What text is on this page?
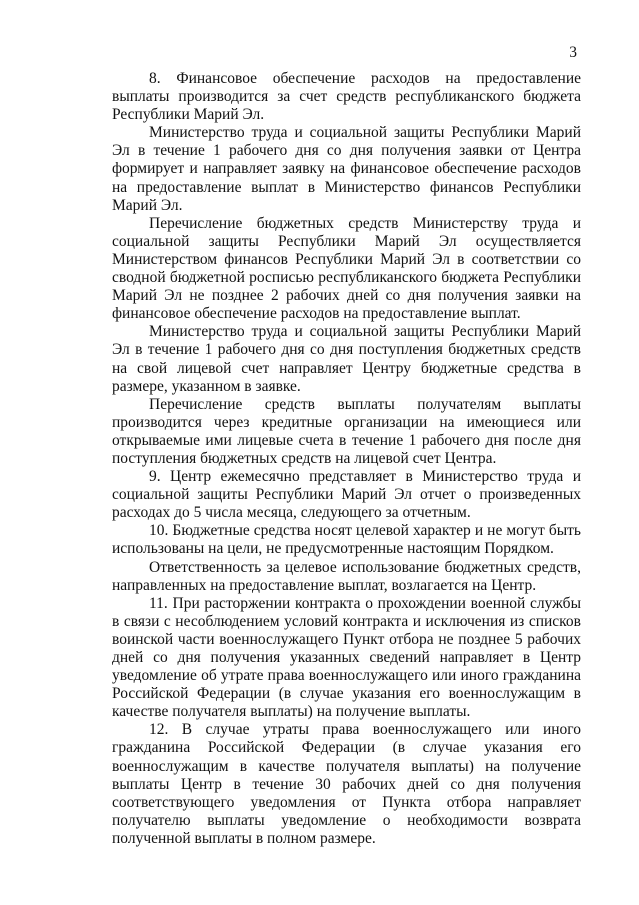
3

8. Финансовое обеспечение расходов на предоставление выплаты производится за счет средств республиканского бюджета Республики Марий Эл.

Министерство труда и социальной защиты Республики Марий Эл в течение 1 рабочего дня со дня получения заявки от Центра формирует и направляет заявку на финансовое обеспечение расходов на предоставление выплат в Министерство финансов Республики Марий Эл.

Перечисление бюджетных средств Министерству труда и социальной защиты Республики Марий Эл осуществляется Министерством финансов Республики Марий Эл в соответствии со сводной бюджетной росписью республиканского бюджета Республики Марий Эл не позднее 2 рабочих дней со дня получения заявки на финансовое обеспечение расходов на предоставление выплат.

Министерство труда и социальной защиты Республики Марий Эл в течение 1 рабочего дня со дня поступления бюджетных средств на свой лицевой счет направляет Центру бюджетные средства в размере, указанном в заявке.

Перечисление средств выплаты получателям выплаты производится через кредитные организации на имеющиеся или открываемые ими лицевые счета в течение 1 рабочего дня после дня поступления бюджетных средств на лицевой счет Центра.

9. Центр ежемесячно представляет в Министерство труда и социальной защиты Республики Марий Эл отчет о произведенных расходах до 5 числа месяца, следующего за отчетным.

10. Бюджетные средства носят целевой характер и не могут быть использованы на цели, не предусмотренные настоящим Порядком.

Ответственность за целевое использование бюджетных средств, направленных на предоставление выплат, возлагается на Центр.

11. При расторжении контракта о прохождении военной службы в связи с несоблюдением условий контракта и исключения из списков воинской части военнослужащего Пункт отбора не позднее 5 рабочих дней со дня получения указанных сведений направляет в Центр уведомление об утрате права военнослужащего или иного гражданина Российской Федерации (в случае указания его военнослужащим в качестве получателя выплаты) на получение выплаты.

12. В случае утраты права военнослужащего или иного гражданина Российской Федерации (в случае указания его военнослужащим в качестве получателя выплаты) на получение выплаты Центр в течение 30 рабочих дней со дня получения соответствующего уведомления от Пункта отбора направляет получателю выплаты уведомление о необходимости возврата полученной выплаты в полном размере.
